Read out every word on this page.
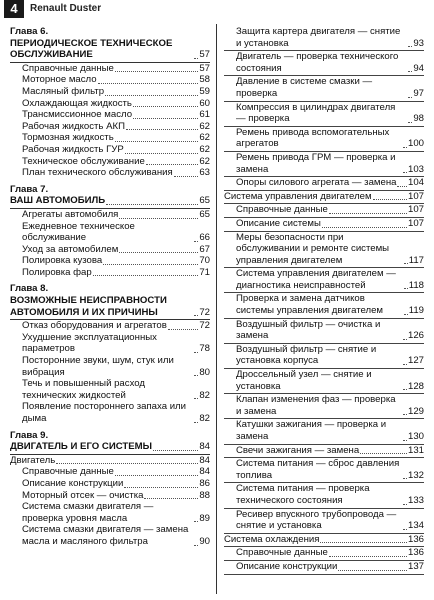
4	Renault Duster
Глава 6.
ПЕРИОДИЧЕСКОЕ ТЕХНИЧЕСКОЕ ОБСЛУЖИВАНИЕ	57
Справочные данные	57
Моторное масло	58
Масляный фильтр	59
Охлаждающая жидкость	60
Трансмиссионное масло	61
Рабочая жидкость АКП	62
Тормозная жидкость	62
Рабочая жидкость ГУР	62
Техническое обслуживание	62
План технического обслуживания	63
Глава 7.
ВАШ АВТОМОБИЛЬ	65
Агрегаты автомобиля	65
Ежедневное техническое обслуживание	66
Уход за автомобилем	67
Полировка кузова	70
Полировка фар	71
Глава 8.
ВОЗМОЖНЫЕ НЕИСПРАВНОСТИ АВТОМОБИЛЯ И ИХ ПРИЧИНЫ	72
Отказ оборудования и агрегатов	72
Ухудшение эксплуатационных параметров	78
Посторонние звуки, шум, стук или вибрация	80
Течь и повышенный расход технических жидкостей	82
Появление постороннего запаха или дыма	82
Глава 9.
ДВИГАТЕЛЬ И ЕГО СИСТЕМЫ	84
Двигатель	84
Справочные данные	84
Описание конструкции	86
Моторный отсек — очистка	88
Система смазки двигателя — проверка уровня масла	89
Система смазки двигателя — замена масла и масляного фильтра	90
Защита картера двигателя — снятие и установка	93
Двигатель — проверка технического состояния	94
Давление в системе смазки — проверка	97
Компрессия в цилиндрах двигателя — проверка	98
Ремень привода вспомогательных агрегатов	100
Ремень привода ГРМ — проверка и замена	103
Опоры силового агрегата — замена 104
Система управления двигателем	107
Справочные данные	107
Описание системы	107
Меры безопасности при обслуживании и ремонте системы управления двигателем	117
Система управления двигателем — диагностика неисправностей	118
Проверка и замена датчиков системы управления двигателем	119
Воздушный фильтр — очистка и замена	126
Воздушный фильтр — снятие и установка корпуса	127
Дроссельный узел — снятие и установка	128
Клапан изменения фаз — проверка и замена	129
Катушки зажигания — проверка и замена	130
Свечи зажигания — замена	131
Система питания — сброс давления топлива	132
Система питания — проверка технического состояния	133
Ресивер впускного трубопровода — снятие и установка	134
Система охлаждения	136
Справочные данные	136
Описание конструкции	137
